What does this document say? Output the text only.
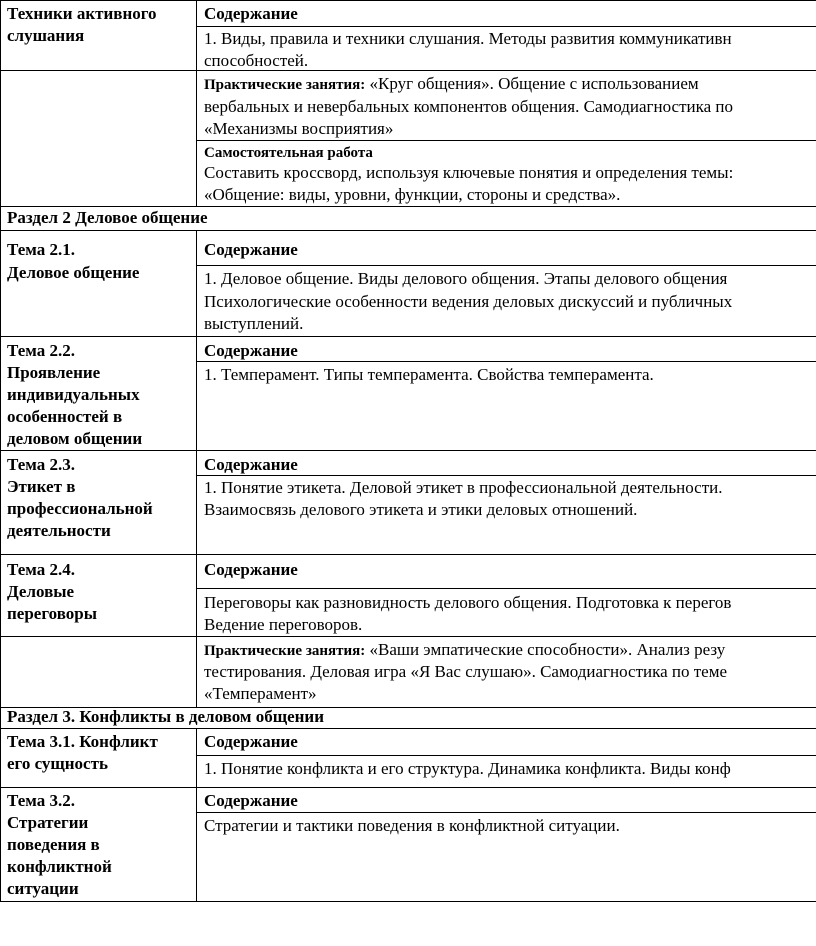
Техники активного
слушания
Содержание
1. Виды, правила и техники слушания. Методы развития коммуникативн
способностей.
Практические занятия: «Круг общения». Общение с использованием
вербальных и невербальных компонентов общения. Самодиагностика по
«Механизмы восприятия»
Самостоятельная работа
Составить кроссворд, используя ключевые понятия и определения темы:
«Общение: виды, уровни, функции, стороны и средства».
Раздел 2 Деловое общение
Тема 2.1.
Деловое общение
Содержание
1. Деловое общение. Виды делового общения. Этапы делового общения
Психологические особенности ведения деловых дискуссий и публичных
выступлений.
Тема 2.2.
Проявление
индивидуальных
особенностей в
деловом общении
Содержание
1. Темперамент. Типы темперамента. Свойства темперамента.
Тема 2.3.
Этикет в
профессиональной
деятельности
Содержание
1. Понятие этикета. Деловой этикет в профессиональной деятельности.
Взаимосвязь делового этикета и этики деловых отношений.
Тема 2.4.
Деловые
переговоры
Содержание
Переговоры как разновидность делового общения. Подготовка к перегов
Ведение переговоров.
Практические занятия: «Ваши эмпатические способности». Анализ резу
тестирования. Деловая игра «Я Вас слушаю». Самодиагностика по теме
«Темперамент»
Раздел 3. Конфликты в деловом общении
Тема 3.1. Конфликт
его сущность
Содержание
1. Понятие конфликта и его структура. Динамика конфликта. Виды конф
Тема 3.2.
Стратегии
поведения в
конфликтной
ситуации
Содержание
Стратегии и тактики поведения в конфликтной ситуации.
